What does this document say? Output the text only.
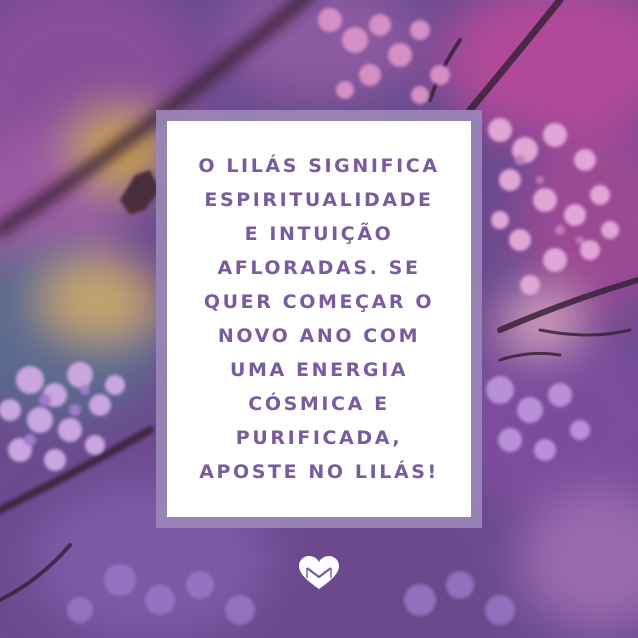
O LILÁS SIGNIFICA
ESPIRITUALIDADE
E INTUIÇÃO
AFLORADAS. SE
QUER COMEÇAR O
NOVO ANO COM
UMA ENERGIA
CÓSMICA E
PURIFICADA,
APOSTE NO LILÁS!
